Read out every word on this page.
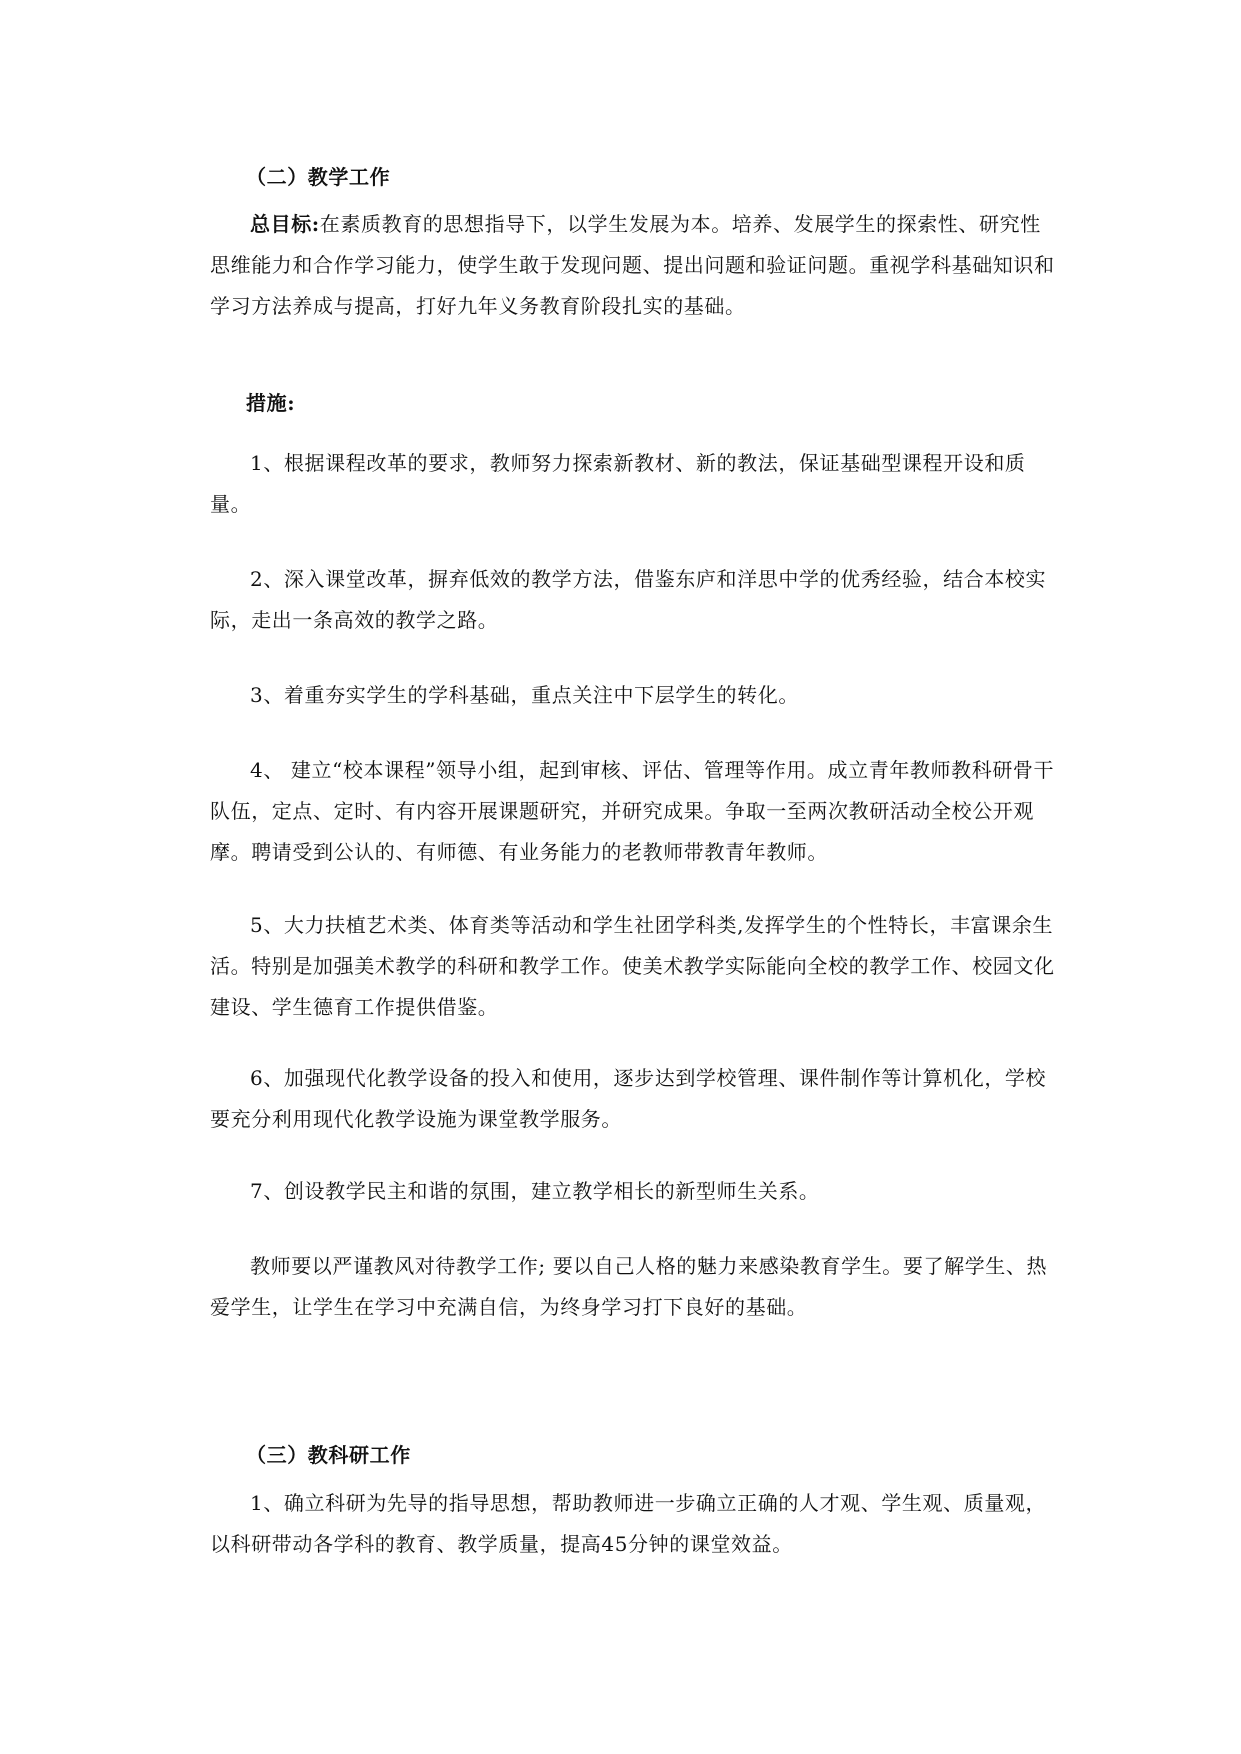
（二）教学工作

总目标:在素质教育的思想指导下，以学生发展为本。培养、发展学生的探索性、研究性思维能力和合作学习能力，使学生敢于发现问题、提出问题和验证问题。重视学科基础知识和学习方法养成与提高，打好九年义务教育阶段扎实的基础。

措施:

1、根据课程改革的要求，教师努力探索新教材、新的教法，保证基础型课程开设和质量。

2、深入课堂改革，摒弃低效的教学方法，借鉴东庐和洋思中学的优秀经验，结合本校实际，走出一条高效的教学之路。

3、着重夯实学生的学科基础，重点关注中下层学生的转化。

4、 建立“校本课程”领导小组，起到审核、评估、管理等作用。成立青年教师教科研骨干队伍，定点、定时、有内容开展课题研究，并研究成果。争取一至两次教研活动全校公开观摩。聘请受到公认的、有师德、有业务能力的老教师带教青年教师。

5、大力扶植艺术类、体育类等活动和学生社团学科类,发挥学生的个性特长，丰富课余生活。特别是加强美术教学的科研和教学工作。使美术教学实际能向全校的教学工作、校园文化建设、学生德育工作提供借鉴。

6、加强现代化教学设备的投入和使用，逐步达到学校管理、课件制作等计算机化，学校要充分利用现代化教学设施为课堂教学服务。

7、创设教学民主和谐的氛围，建立教学相长的新型师生关系。

教师要以严谨教风对待教学工作; 要以自己人格的魅力来感染教育学生。要了解学生、热爱学生，让学生在学习中充满自信，为终身学习打下良好的基础。

（三）教科研工作

1、确立科研为先导的指导思想，帮助教师进一步确立正确的人才观、学生观、质量观，以科研带动各学科的教育、教学质量，提高45分钟的课堂效益。
